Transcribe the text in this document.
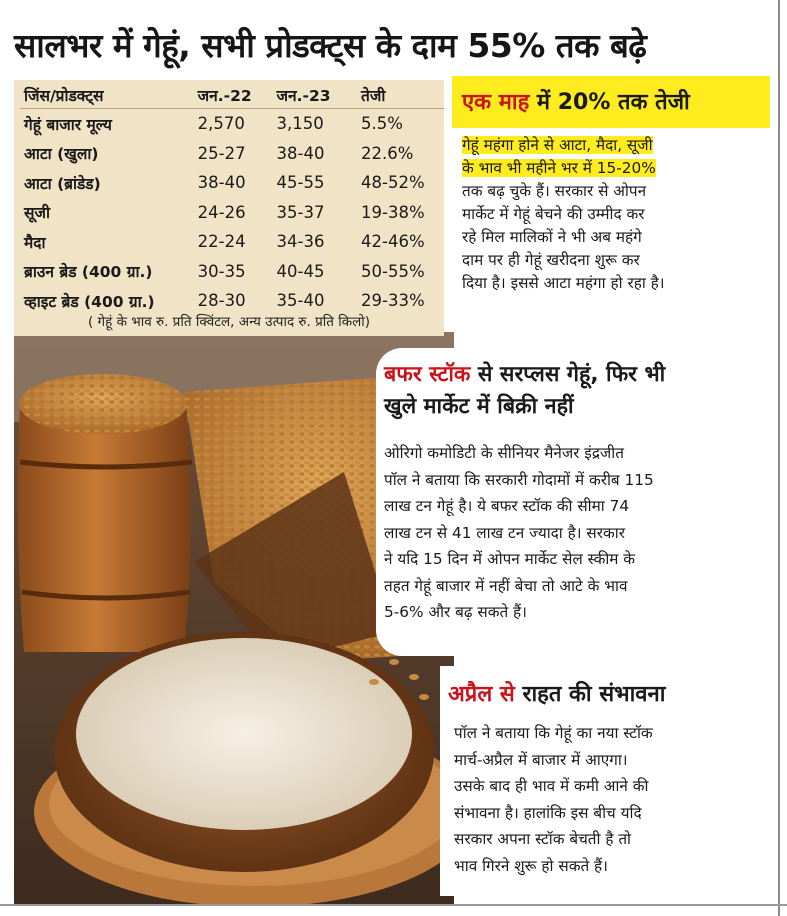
सालभर में गेहूं, सभी प्रोडक्ट्स के दाम 55% तक बढ़े
जिंस/प्रोडक्ट्स	जन.-22	जन.-23	तेजी
गेहूं बाजार मूल्य	2,570	3,150	5.5%
आटा (खुला)	25-27	38-40	22.6%
आटा (ब्रांडेड)	38-40	45-55	48-52%
सूजी	24-26	35-37	19-38%
मैदा	22-24	34-36	42-46%
ब्राउन ब्रेड (400 ग्रा.)	30-35	40-45	50-55%
व्हाइट ब्रेड (400 ग्रा.)	28-30	35-40	29-33%
( गेहूं के भाव रु. प्रति क्विंटल, अन्य उत्पाद रु. प्रति किलो)
एक माह में 20% तक तेजी
गेहूं महंगा होने से आटा, मैदा, सूजी
के भाव भी महीने भर में 15-20%
तक बढ़ चुके हैं। सरकार से ओपन
मार्केट में गेहूं बेचने की उम्मीद कर
रहे मिल मालिकों ने भी अब महंगे
दाम पर ही गेहूं खरीदना शुरू कर
दिया है। इससे आटा महंगा हो रहा है।
बफर स्टॉक से सरप्लस गेहूं, फिर भी
खुले मार्केट में बिक्री नहीं
ओरिगो कमोडिटी के सीनियर मैनेजर इंद्रजीत
पॉल ने बताया कि सरकारी गोदामों में करीब 115
लाख टन गेहूं है। ये बफर स्टॉक की सीमा 74
लाख टन से 41 लाख टन ज्यादा है। सरकार
ने यदि 15 दिन में ओपन मार्केट सेल स्कीम के
तहत गेहूं बाजार में नहीं बेचा तो आटे के भाव
5-6% और बढ़ सकते हैं।
अप्रैल से राहत की संभावना
पॉल ने बताया कि गेहूं का नया स्टॉक
मार्च-अप्रैल में बाजार में आएगा।
उसके बाद ही भाव में कमी आने की
संभावना है। हालांकि इस बीच यदि
सरकार अपना स्टॉक बेचती है तो
भाव गिरने शुरू हो सकते हैं।
